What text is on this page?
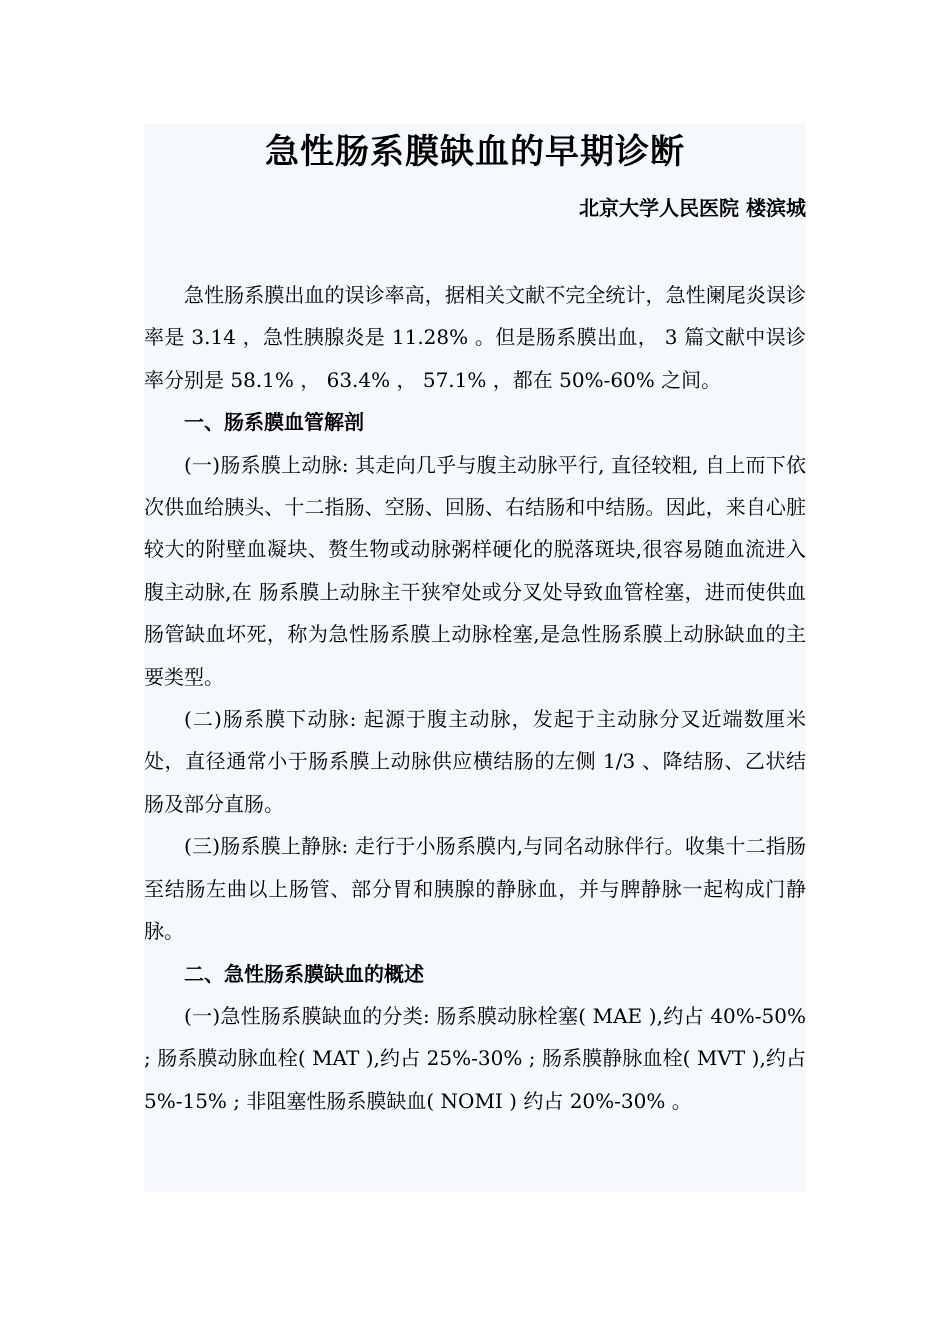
急性肠系膜缺血的早期诊断

北京大学人民医院 楼滨城

急性肠系膜出血的误诊率高，据相关文献不完全统计，急性阑尾炎误诊率是 3.14 ，急性胰腺炎是 11.28% 。但是肠系膜出血， 3 篇文献中误诊率分别是 58.1% ， 63.4% ， 57.1% ，都在 50%-60% 之间。

一、肠系膜血管解剖

(一)肠系膜上动脉: 其走向几乎与腹主动脉平行, 直径较粗, 自上而下依次供血给胰头、十二指肠、空肠、回肠、右结肠和中结肠。因此，来自心脏较大的附壁血凝块、赘生物或动脉粥样硬化的脱落斑块,很容易随血流进入腹主动脉,在 肠系膜上动脉主干狭窄处或分叉处导致血管栓塞，进而使供血肠管缺血坏死，称为急性肠系膜上动脉栓塞,是急性肠系膜上动脉缺血的主要类型。

(二)肠系膜下动脉: 起源于腹主动脉，发起于主动脉分叉近端数厘米处，直径通常小于肠系膜上动脉供应横结肠的左侧 1/3 、降结肠、乙状结肠及部分直肠。

(三)肠系膜上静脉: 走行于小肠系膜内,与同名动脉伴行。收集十二指肠至结肠左曲以上肠管、部分胃和胰腺的静脉血，并与脾静脉一起构成门静脉。

二、急性肠系膜缺血的概述

(一)急性肠系膜缺血的分类: 肠系膜动脉栓塞( MAE ),约占 40%-50% ; 肠系膜动脉血栓( MAT ),约占 25%-30% ; 肠系膜静脉血栓( MVT ),约占 5%-15% ; 非阻塞性肠系膜缺血( NOMI ) 约占 20%-30% 。
